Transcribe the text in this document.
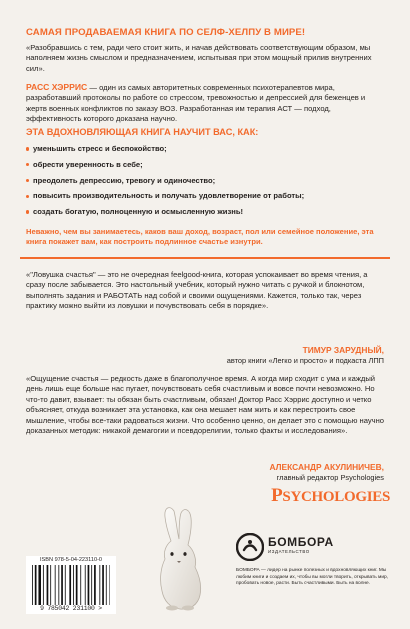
САМАЯ ПРОДАВАЕМАЯ КНИГА ПО СЕЛФ-ХЕЛПУ В МИРЕ!

«Разобравшись с тем, ради чего стоит жить, и начав действовать соответствующим образом, мы наполняем жизнь смыслом и предназначением, испытывая при этом мощный прилив внутренних сил».

РАСС ХЭРРИС — один из самых авторитетных современных психотерапевтов мира, разработавший протоколы по работе со стрессом, тревожностью и депрессией для беженцев и жертв военных конфликтов по заказу ВОЗ. Разработанная им терапия АСТ — подход, эффективность которого доказана научно.

ЭТА ВДОХНОВЛЯЮЩАЯ КНИГА НАУЧИТ ВАС, КАК:
уменьшить стресс и беспокойство;
обрести уверенность в себе;
преодолеть депрессию, тревогу и одиночество;
повысить производительность и получать удовлетворение от работы;
создать богатую, полноценную и осмысленную жизнь!

Неважно, чем вы занимаетесь, каков ваш доход, возраст, пол или семейное положение, эта книга покажет вам, как построить подлинное счастье изнутри.

«"Ловушка счастья" — это не очередная feelgood-книга, которая успокаивает во время чтения, а сразу после забывается. Это настольный учебник, который нужно читать с ручкой и блокнотом, выполнять задания и РАБОТАТЬ над собой и своими ощущениями. Кажется, только так, через практику можно выйти из ловушки и почувствовать себя в порядке».

ТИМУР ЗАРУДНЫЙ,
автор книги «Легко и просто» и подкаста ЛПП

«Ощущение счастья — редкость даже в благополучное время. А когда мир сходит с ума и каждый день лишь еще больше нас пугает, почувствовать себя счастливым и вовсе почти невозможно. Но что-то давит, взывает: ты обязан быть счастливым, обязан! Доктор Расс Хэррис доступно и четко объясняет, откуда возникает эта установка, как она мешает нам жить и как перестроить свое мышление, чтобы все-таки радоваться жизни. Что особенно ценно, он делает это с помощью научно доказанных методик: никакой демагогии и псевдорелигии, только факты и исследования».

АЛЕКСАНДР АКУЛИНИЧЕВ,
главный редактор Psychologies
PSYCHOLOGIES
ISBN 978-5-04-223110-0
9 785042 231100 >
БОМБОРА
ИЗДАТЕЛЬСТВО

БОМБОРА — лидер на рынке полезных и вдохновляющих книг. Мы любим книги и создаем их, чтобы вы могли творить, открывать мир, пробовать новое, расти. Быть счастливыми. Быть на волне.
